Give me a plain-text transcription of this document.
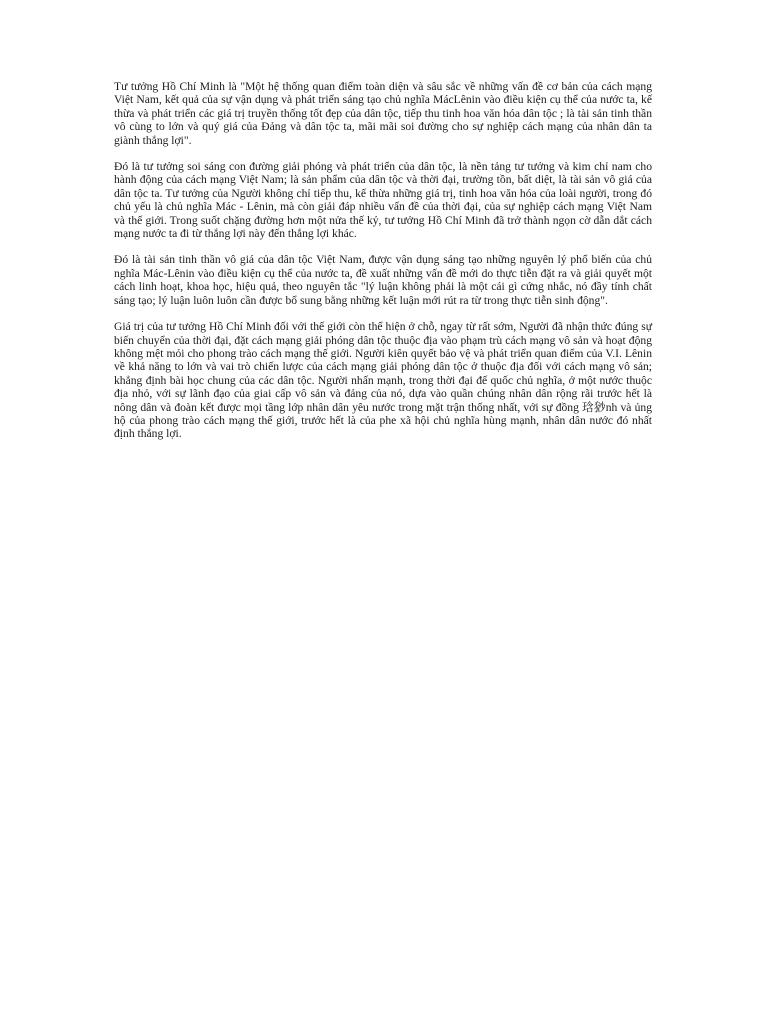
Tư tưởng Hồ Chí Minh là "Một hệ thống quan điểm toàn diện và sâu sắc về những vấn đề cơ bản của cách mạng Việt Nam, kết quả của sự vận dụng và phát triển sáng tạo chủ nghĩa MácLênin vào điều kiện cụ thể của nước ta, kế thừa và phát triển các giá trị truyền thống tốt đẹp của dân tộc, tiếp thu tinh hoa văn hóa dân tộc ; là tài sản tinh thần vô cùng to lớn và quý giá của Đảng và dân tộc ta, mãi mãi soi đường cho sự nghiệp cách mạng của nhân dân ta giành thắng lợi".

Đó là tư tưởng soi sáng con đường giải phóng và phát triển của dân tộc, là nền tảng tư tưởng và kim chỉ nam cho hành động của cách mạng Việt Nam; là sản phẩm của dân tộc và thời đại, trường tồn, bất diệt, là tài sản vô giá của dân tộc ta. Tư tưởng của Người không chỉ tiếp thu, kế thừa những giá trị, tinh hoa văn hóa của loài người, trong đó chủ yếu là chủ nghĩa Mác - Lênin, mà còn giải đáp nhiều vấn đề của thời đại, của sự nghiệp cách mạng Việt Nam và thế giới. Trong suốt chặng đường hơn một nửa thế kỷ, tư tưởng Hồ Chí Minh đã trở thành ngọn cờ dẫn dắt cách mạng nước ta đi từ thắng lợi này đến thắng lợi khác.

Đó là tài sản tinh thần vô giá của dân tộc Việt Nam, được vận dụng sáng tạo những nguyên lý phổ biến của chủ nghĩa Mác-Lênin vào điều kiện cụ thể của nước ta, đề xuất những vấn đề mới do thực tiễn đặt ra và giải quyết một cách linh hoạt, khoa học, hiệu quả, theo nguyên tắc "lý luận không phải là một cái gì cứng nhắc, nó đầy tính chất sáng tạo; lý luận luôn luôn cần được bổ sung bằng những kết luận mới rút ra từ trong thực tiễn sinh động".

Giá trị của tư tưởng Hồ Chí Minh đối với thế giới còn thể hiện ở chỗ, ngay từ rất sớm, Người đã nhận thức đúng sự biến chuyển của thời đại, đặt cách mạng giải phóng dân tộc thuộc địa vào phạm trù cách mạng vô sản và hoạt động không mệt mỏi cho phong trào cách mạng thế giới. Người kiên quyết bảo vệ và phát triển quan điểm của V.I. Lênin về khả năng to lớn và vai trò chiến lược của cách mạng giải phóng dân tộc ở thuộc địa đối với cách mạng vô sản; khẳng định bài học chung của các dân tộc. Người nhấn mạnh, trong thời đại đế quốc chủ nghĩa, ở một nước thuộc địa nhỏ, với sự lãnh đạo của giai cấp vô sản và đảng của nó, dựa vào quần chúng nhân dân rộng rãi trước hết là nông dân và đoàn kết được mọi tầng lớp nhân dân yêu nước trong mặt trận thống nhất, với sự đồng 琀猀nh và ủng hộ của phong trào cách mạng thế giới, trước hết là của phe xã hội chủ nghĩa hùng mạnh, nhân dân nước đó nhất định thắng lợi.
